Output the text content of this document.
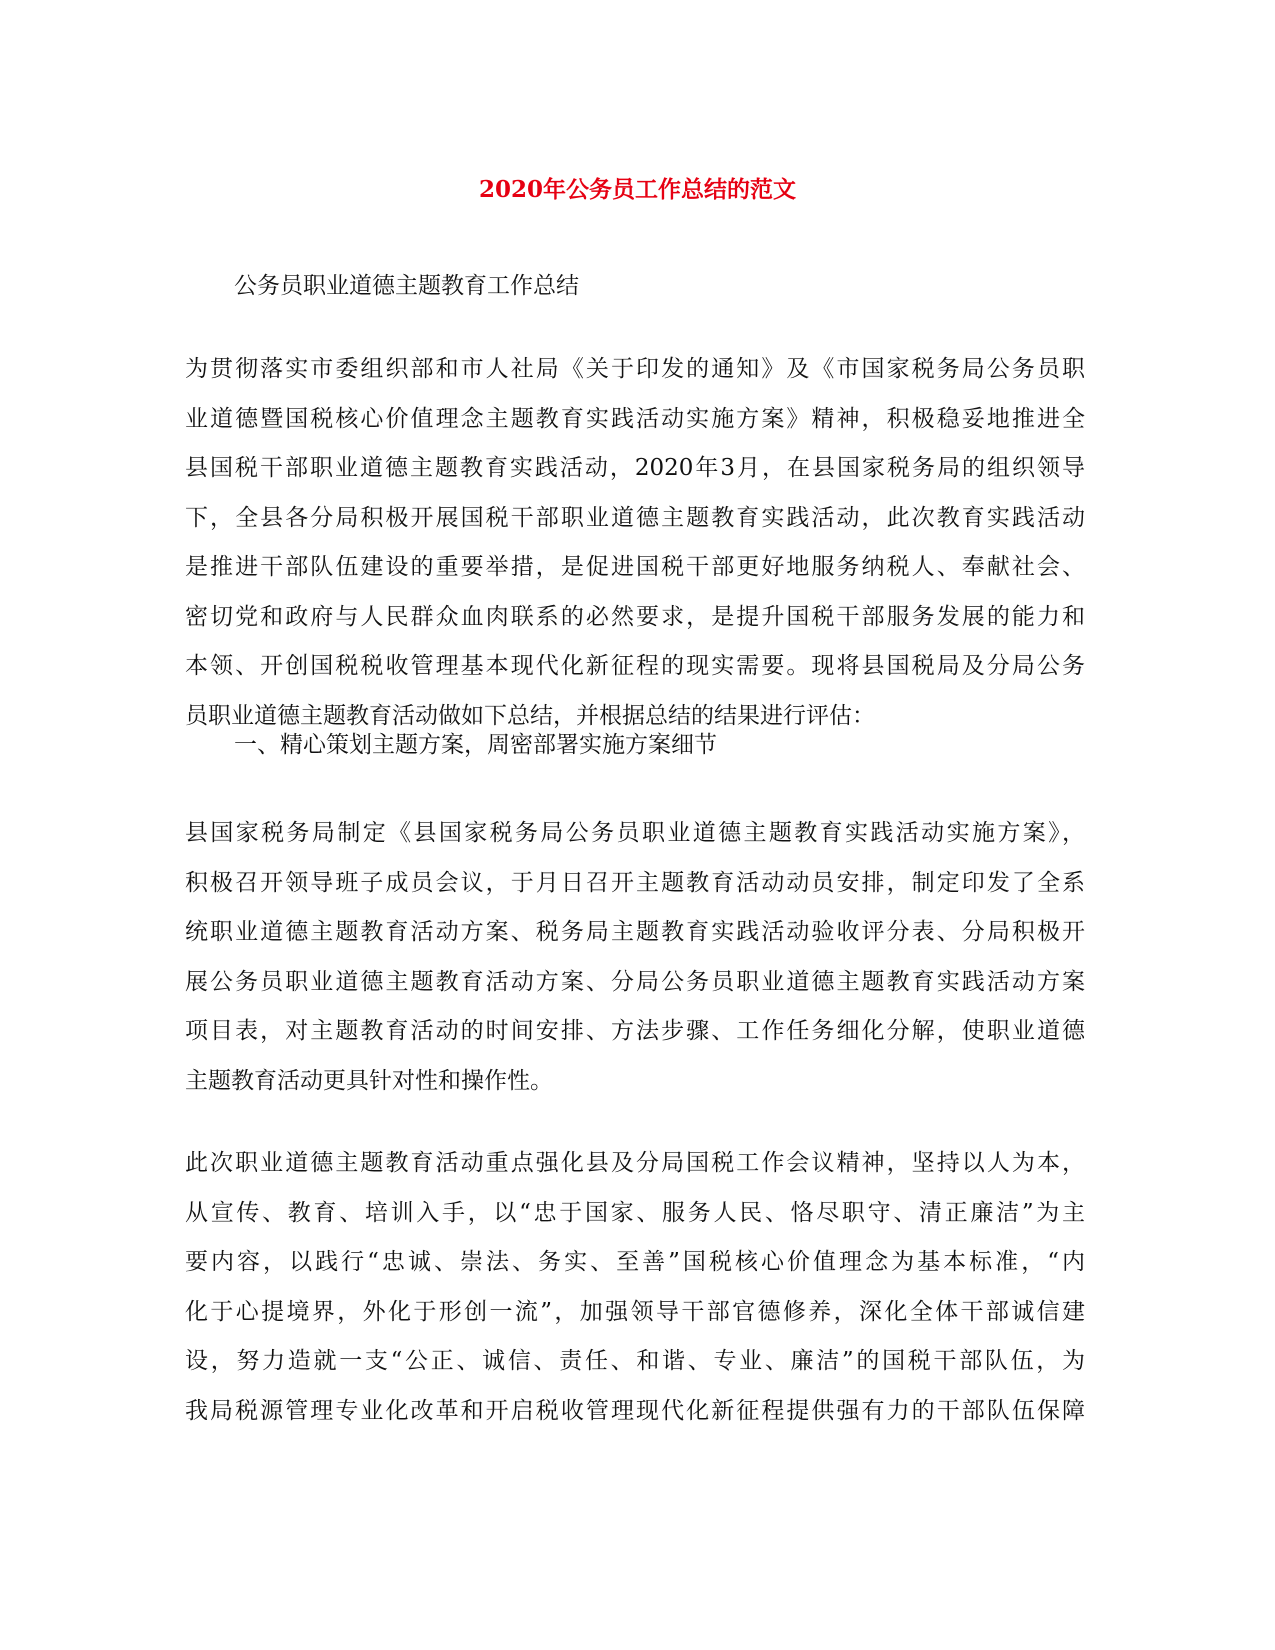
2020年公务员工作总结的范文
公务员职业道德主题教育工作总结

为贯彻落实市委组织部和市人社局《关于印发的通知》及《市国家税务局公务员职
业道德暨国税核心价值理念主题教育实践活动实施方案》精神，积极稳妥地推进全
县国税干部职业道德主题教育实践活动，2020年3月，在县国家税务局的组织领导
下，全县各分局积极开展国税干部职业道德主题教育实践活动，此次教育实践活动
是推进干部队伍建设的重要举措，是促进国税干部更好地服务纳税人、奉献社会、
密切党和政府与人民群众血肉联系的必然要求，是提升国税干部服务发展的能力和
本领、开创国税税收管理基本现代化新征程的现实需要。现将县国税局及分局公务
员职业道德主题教育活动做如下总结，并根据总结的结果进行评估：

一、精心策划主题方案，周密部署实施方案细节

县国家税务局制定《县国家税务局公务员职业道德主题教育实践活动实施方案》，
积极召开领导班子成员会议，于月日召开主题教育活动动员安排，制定印发了全系
统职业道德主题教育活动方案、税务局主题教育实践活动验收评分表、分局积极开
展公务员职业道德主题教育活动方案、分局公务员职业道德主题教育实践活动方案
项目表，对主题教育活动的时间安排、方法步骤、工作任务细化分解，使职业道德
主题教育活动更具针对性和操作性。

此次职业道德主题教育活动重点强化县及分局国税工作会议精神，坚持以人为本，
从宣传、教育、培训入手，以“忠于国家、服务人民、恪尽职守、清正廉洁”为主
要内容，以践行“忠诚、崇法、务实、至善”国税核心价值理念为基本标准，“内
化于心提境界，外化于形创一流”，加强领导干部官德修养，深化全体干部诚信建
设，努力造就一支“公正、诚信、责任、和谐、专业、廉洁”的国税干部队伍，为
我局税源管理专业化改革和开启税收管理现代化新征程提供强有力的干部队伍保障
